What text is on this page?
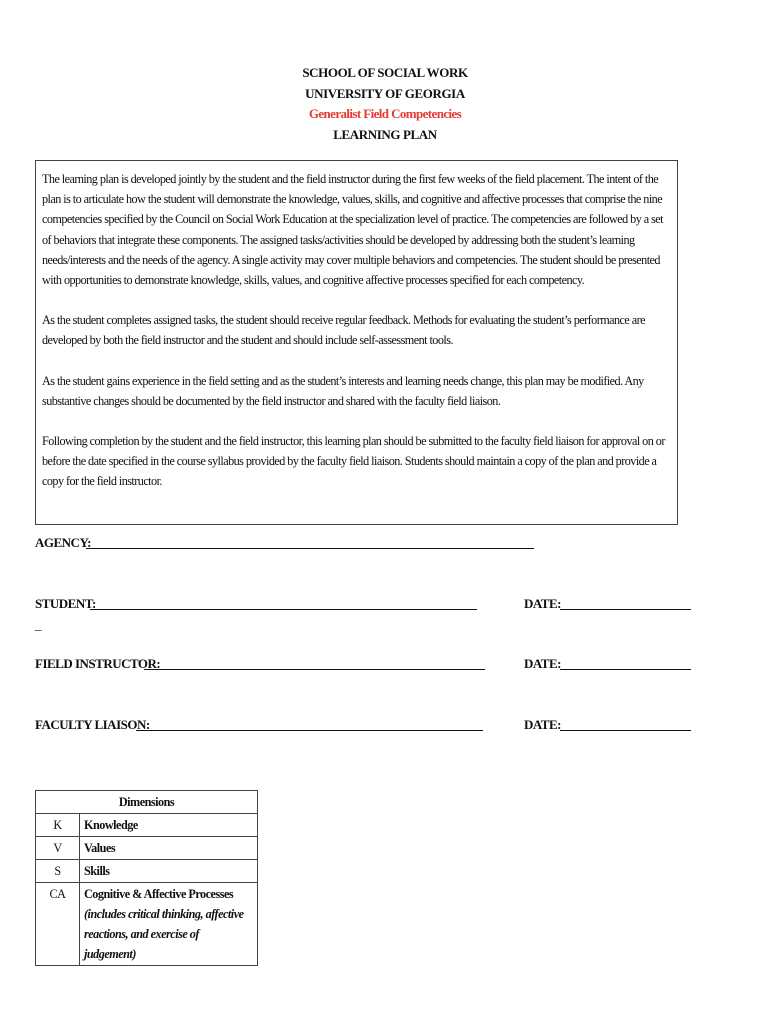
SCHOOL OF SOCIAL WORK
UNIVERSITY OF GEORGIA
Generalist Field Competencies
LEARNING PLAN

The learning plan is developed jointly by the student and the field instructor during the first few weeks of the field placement. The intent of the plan is to articulate how the student will demonstrate the knowledge, values, skills, and cognitive and affective processes that comprise the nine competencies specified by the Council on Social Work Education at the specialization level of practice. The competencies are followed by a set of behaviors that integrate these components. The assigned tasks/activities should be developed by addressing both the student’s learning needs/interests and the needs of the agency. A single activity may cover multiple behaviors and competencies. The student should be presented with opportunities to demonstrate knowledge, skills, values, and cognitive affective processes specified for each competency.

As the student completes assigned tasks, the student should receive regular feedback. Methods for evaluating the student’s performance are developed by both the field instructor and the student and should include self-assessment tools.

As the student gains experience in the field setting and as the student’s interests and learning needs change, this plan may be modified. Any substantive changes should be documented by the field instructor and shared with the faculty field liaison.

Following completion by the student and the field instructor, this learning plan should be submitted to the faculty field liaison for approval on or before the date specified in the course syllabus provided by the faculty field liaison. Students should maintain a copy of the plan and provide a copy for the field instructor.

AGENCY:
STUDENT:	DATE:
_
FIELD INSTRUCTOR:	DATE:
FACULTY LIAISON:	DATE:
Dimensions	
K	Knowledge
V	Values
S	Skills
CA	Cognitive & Affective Processes
(includes critical thinking, affective reactions, and exercise of judgement)
